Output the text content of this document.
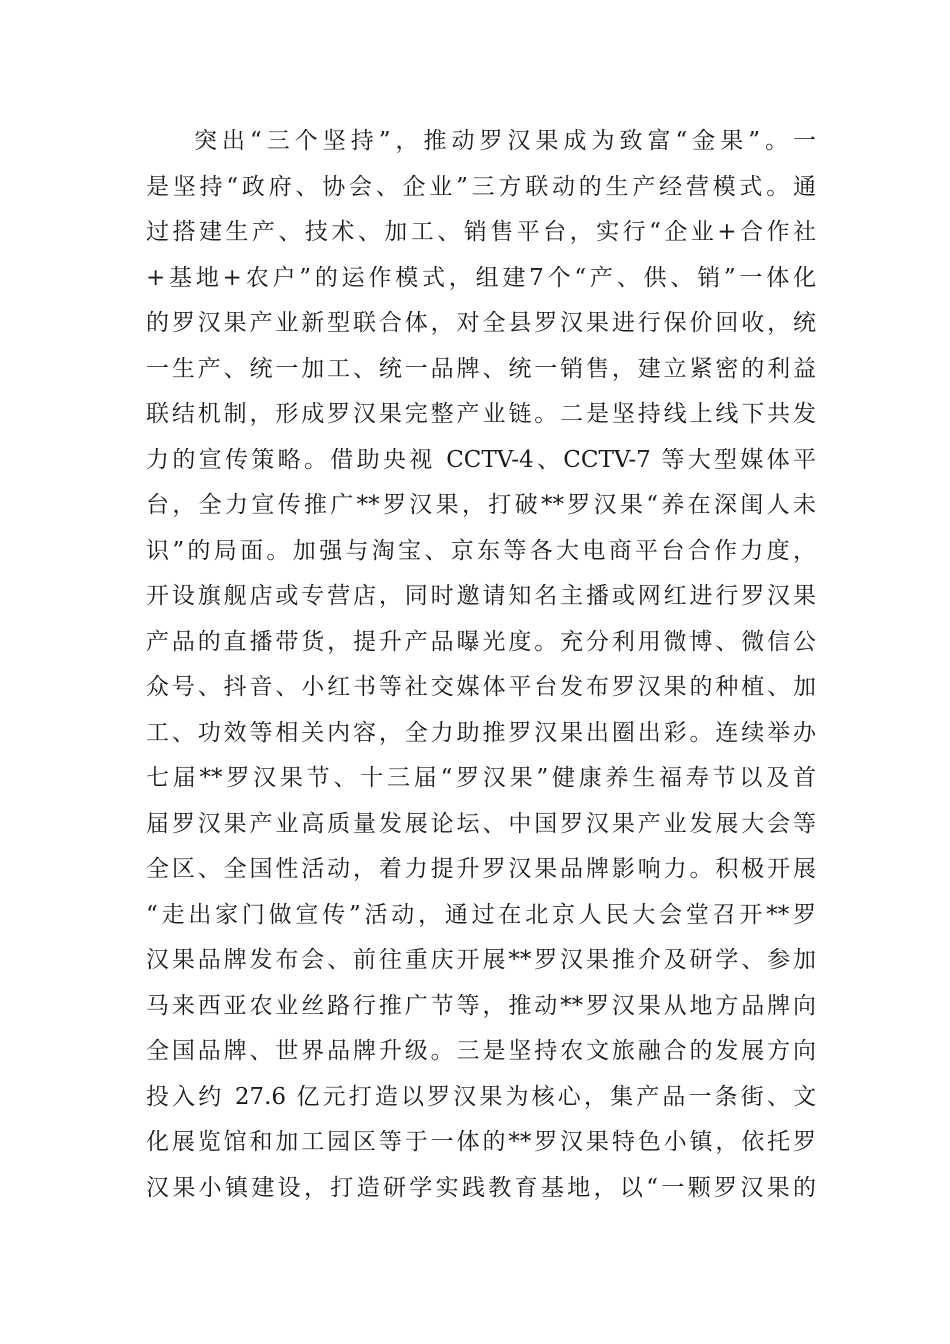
突出“三个坚持”，推动罗汉果成为致富“金果”。一
是坚持“政府、协会、企业”三方联动的生产经营模式。通
过搭建生产、技术、加工、销售平台，实行“企业+合作社
+基地+农户”的运作模式，组建7个“产、供、销”一体化
的罗汉果产业新型联合体，对全县罗汉果进行保价回收，统
一生产、统一加工、统一品牌、统一销售，建立紧密的利益
联结机制，形成罗汉果完整产业链。二是坚持线上线下共发
力的宣传策略。借助央视 CCTV-4、CCTV-7 等大型媒体平
台，全力宣传推广**罗汉果，打破**罗汉果“养在深闺人未
识”的局面。加强与淘宝、京东等各大电商平台合作力度，
开设旗舰店或专营店，同时邀请知名主播或网红进行罗汉果
产品的直播带货，提升产品曝光度。充分利用微博、微信公
众号、抖音、小红书等社交媒体平台发布罗汉果的种植、加
工、功效等相关内容，全力助推罗汉果出圈出彩。连续举办
七届**罗汉果节、十三届“罗汉果”健康养生福寿节以及首
届罗汉果产业高质量发展论坛、中国罗汉果产业发展大会等
全区、全国性活动，着力提升罗汉果品牌影响力。积极开展
“走出家门做宣传”活动，通过在北京人民大会堂召开**罗
汉果品牌发布会、前往重庆开展**罗汉果推介及研学、参加
马来西亚农业丝路行推广节等，推动**罗汉果从地方品牌向
全国品牌、世界品牌升级。三是坚持农文旅融合的发展方向
投入约 27.6 亿元打造以罗汉果为核心，集产品一条街、文
化展览馆和加工园区等于一体的**罗汉果特色小镇，依托罗
汉果小镇建设，打造研学实践教育基地，以“一颗罗汉果的
